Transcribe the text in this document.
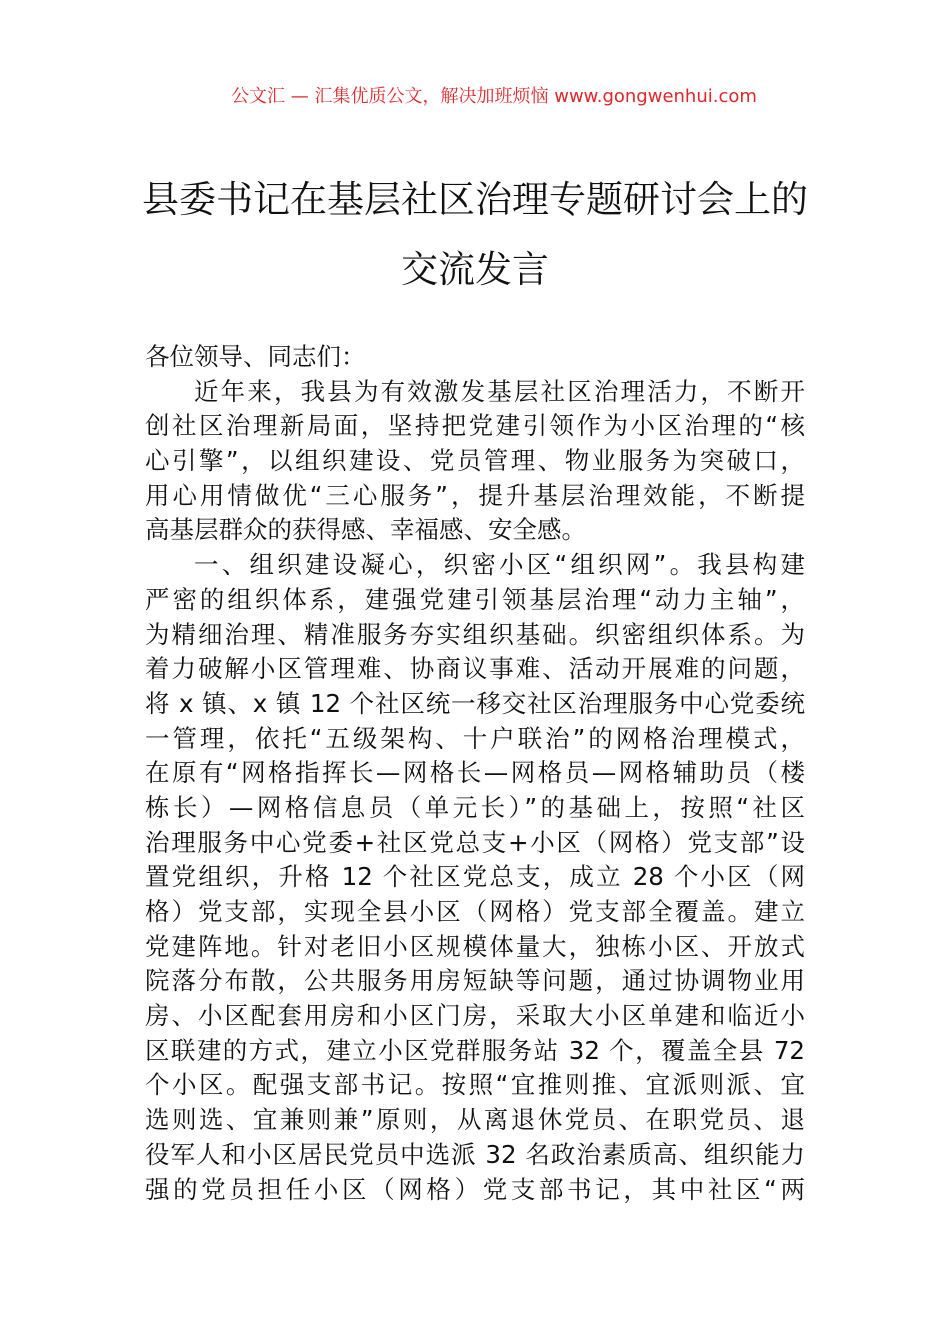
公文汇 — 汇集优质公文，解决加班烦恼 www.gongwenhui.com
县委书记在基层社区治理专题研讨会上的
交流发言
各位领导、同志们：
近年来，我县为有效激发基层社区治理活力，不断开
创社区治理新局面，坚持把党建引领作为小区治理的“核
心引擎”，以组织建设、党员管理、物业服务为突破口，
用心用情做优“三心服务”，提升基层治理效能，不断提
高基层群众的获得感、幸福感、安全感。
一、组织建设凝心，织密小区“组织网”。我县构建
严密的组织体系，建强党建引领基层治理“动力主轴”，
为精细治理、精准服务夯实组织基础。织密组织体系。为
着力破解小区管理难、协商议事难、活动开展难的问题，
将 x 镇、x 镇 12 个社区统一移交社区治理服务中心党委统
一管理，依托“五级架构、十户联治”的网格治理模式，
在原有“网格指挥长—网格长—网格员—网格辅助员（楼
栋长）—网格信息员（单元长）”的基础上，按照“社区
治理服务中心党委+社区党总支+小区（网格）党支部”设
置党组织，升格 12 个社区党总支，成立 28 个小区（网
格）党支部，实现全县小区（网格）党支部全覆盖。建立
党建阵地。针对老旧小区规模体量大，独栋小区、开放式
院落分布散，公共服务用房短缺等问题，通过协调物业用
房、小区配套用房和小区门房，采取大小区单建和临近小
区联建的方式，建立小区党群服务站 32 个，覆盖全县 72
个小区。配强支部书记。按照“宜推则推、宜派则派、宜
选则选、宜兼则兼”原则，从离退休党员、在职党员、退
役军人和小区居民党员中选派 32 名政治素质高、组织能力
强的党员担任小区（网格）党支部书记，其中社区“两
